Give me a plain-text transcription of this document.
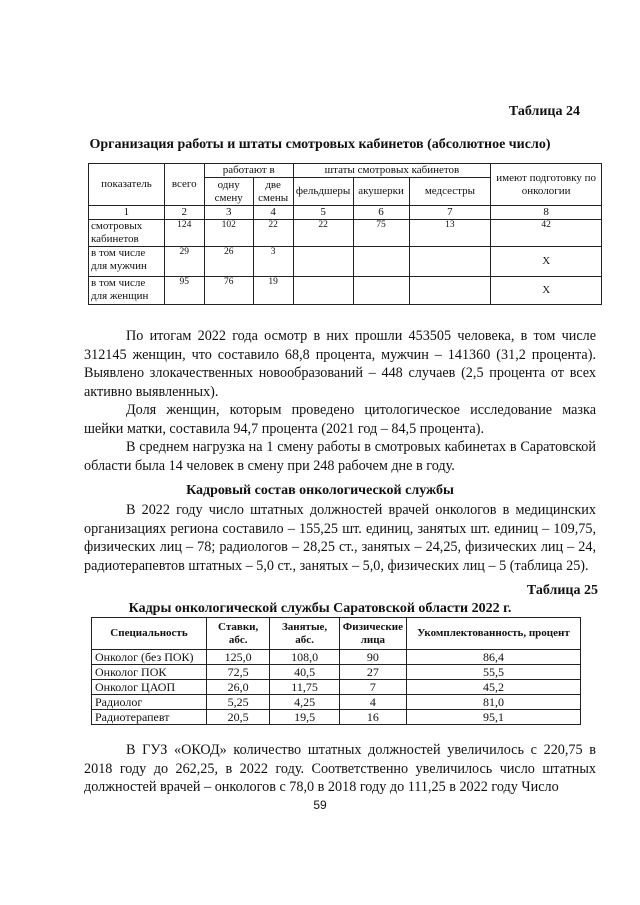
Таблица 24
Организация работы и штаты смотровых кабинетов (абсолютное число)
показатель	всего	работают в		штаты смотровых кабинетов			имеют подготовку по онкологии
		одну смену	две смены	фельдшеры	акушерки	медсестры	
1	2	3	4	5	6	7	8
смотровых кабинетов	124	102	22	22	75	13	42
в том числе для мужчин	29	26	3				X
в том числе для женщин	95	76	19				X

По итогам 2022 года осмотр в них прошли 453505 человека, в том числе 312145 женщин, что составило 68,8 процента, мужчин – 141360 (31,2 процента). Выявлено злокачественных новообразований – 448 случаев (2,5 процента от всех активно выявленных).

Доля женщин, которым проведено цитологическое исследование мазка шейки матки, составила 94,7 процента (2021 год – 84,5 процента).

В среднем нагрузка на 1 смену работы в смотровых кабинетах в Саратовской области была 14 человек в смену при 248 рабочем дне в году.

Кадровый состав онкологической службы

В 2022 году число штатных должностей врачей онкологов в медицинских организациях региона составило – 155,25 шт. единиц, занятых шт. единиц – 109,75, физических лиц – 78; радиологов – 28,25 ст., занятых – 24,25, физических лиц – 24, радиотерапевтов штатных – 5,0 ст., занятых – 5,0, физических лиц – 5 (таблица 25).

Таблица 25
Кадры онкологической службы Саратовской области 2022 г.
Специальность	Ставки, абс.	Занятые, абс.	Физические лица	Укомплектованность, процент
Онколог (без ПОК)	125,0	108,0	90	86,4
Онколог ПОК	72,5	40,5	27	55,5
Онколог ЦАОП	26,0	11,75	7	45,2
Радиолог	5,25	4,25	4	81,0
Радиотерапевт	20,5	19,5	16	95,1

В ГУЗ «ОКОД» количество штатных должностей увеличилось с 220,75 в 2018 году до 262,25, в 2022 году. Соответственно увеличилось число штатных должностей врачей – онкологов с 78,0 в 2018 году до 111,25 в 2022 году Число

59
